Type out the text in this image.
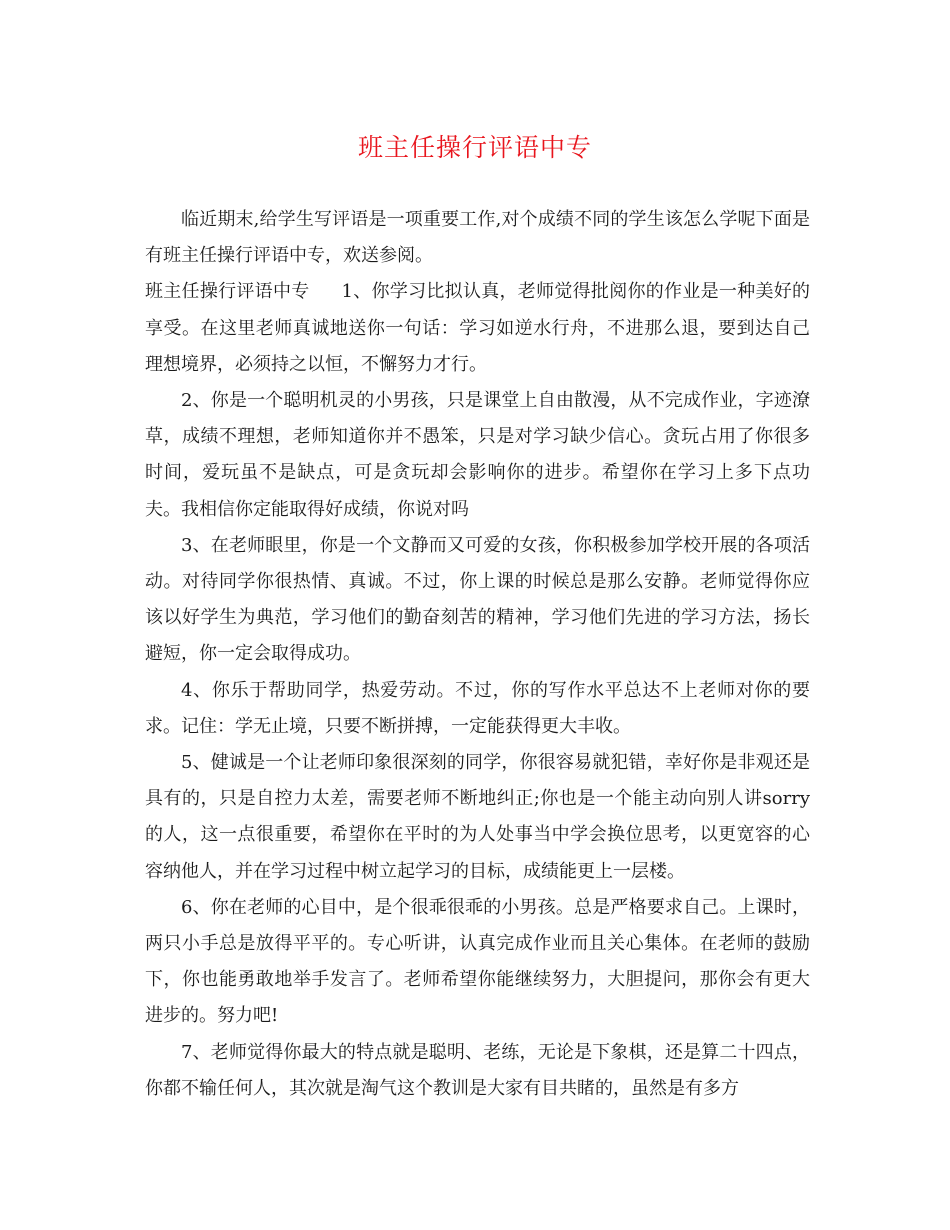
班主任操行评语中专

临近期末,给学生写评语是一项重要工作,对个成绩不同的学生该怎么学呢下面是有班主任操行评语中专，欢送参阅。

班主任操行评语中专 1、你学习比拟认真，老师觉得批阅你的作业是一种美好的享受。在这里老师真诚地送你一句话：学习如逆水行舟，不进那么退，要到达自己理想境界，必须持之以恒，不懈努力才行。

2、你是一个聪明机灵的小男孩，只是课堂上自由散漫，从不完成作业，字迹潦草，成绩不理想，老师知道你并不愚笨，只是对学习缺少信心。贪玩占用了你很多时间，爱玩虽不是缺点，可是贪玩却会影响你的进步。希望你在学习上多下点功夫。我相信你定能取得好成绩，你说对吗

3、在老师眼里，你是一个文静而又可爱的女孩，你积极参加学校开展的各项活动。对待同学你很热情、真诚。不过，你上课的时候总是那么安静。老师觉得你应该以好学生为典范，学习他们的勤奋刻苦的精神，学习他们先进的学习方法，扬长避短，你一定会取得成功。

4、你乐于帮助同学，热爱劳动。不过，你的写作水平总达不上老师对你的要求。记住：学无止境，只要不断拼搏，一定能获得更大丰收。

5、健诚是一个让老师印象很深刻的同学，你很容易就犯错，幸好你是非观还是具有的，只是自控力太差，需要老师不断地纠正;你也是一个能主动向别人讲sorry的人，这一点很重要，希望你在平时的为人处事当中学会换位思考，以更宽容的心容纳他人，并在学习过程中树立起学习的目标，成绩能更上一层楼。

6、你在老师的心目中，是个很乖很乖的小男孩。总是严格要求自己。上课时，两只小手总是放得平平的。专心听讲，认真完成作业而且关心集体。在老师的鼓励下，你也能勇敢地举手发言了。老师希望你能继续努力，大胆提问，那你会有更大进步的。努力吧!

7、老师觉得你最大的特点就是聪明、老练，无论是下象棋，还是算二十四点，你都不输任何人，其次就是淘气这个教训是大家有目共睹的，虽然是有多方
